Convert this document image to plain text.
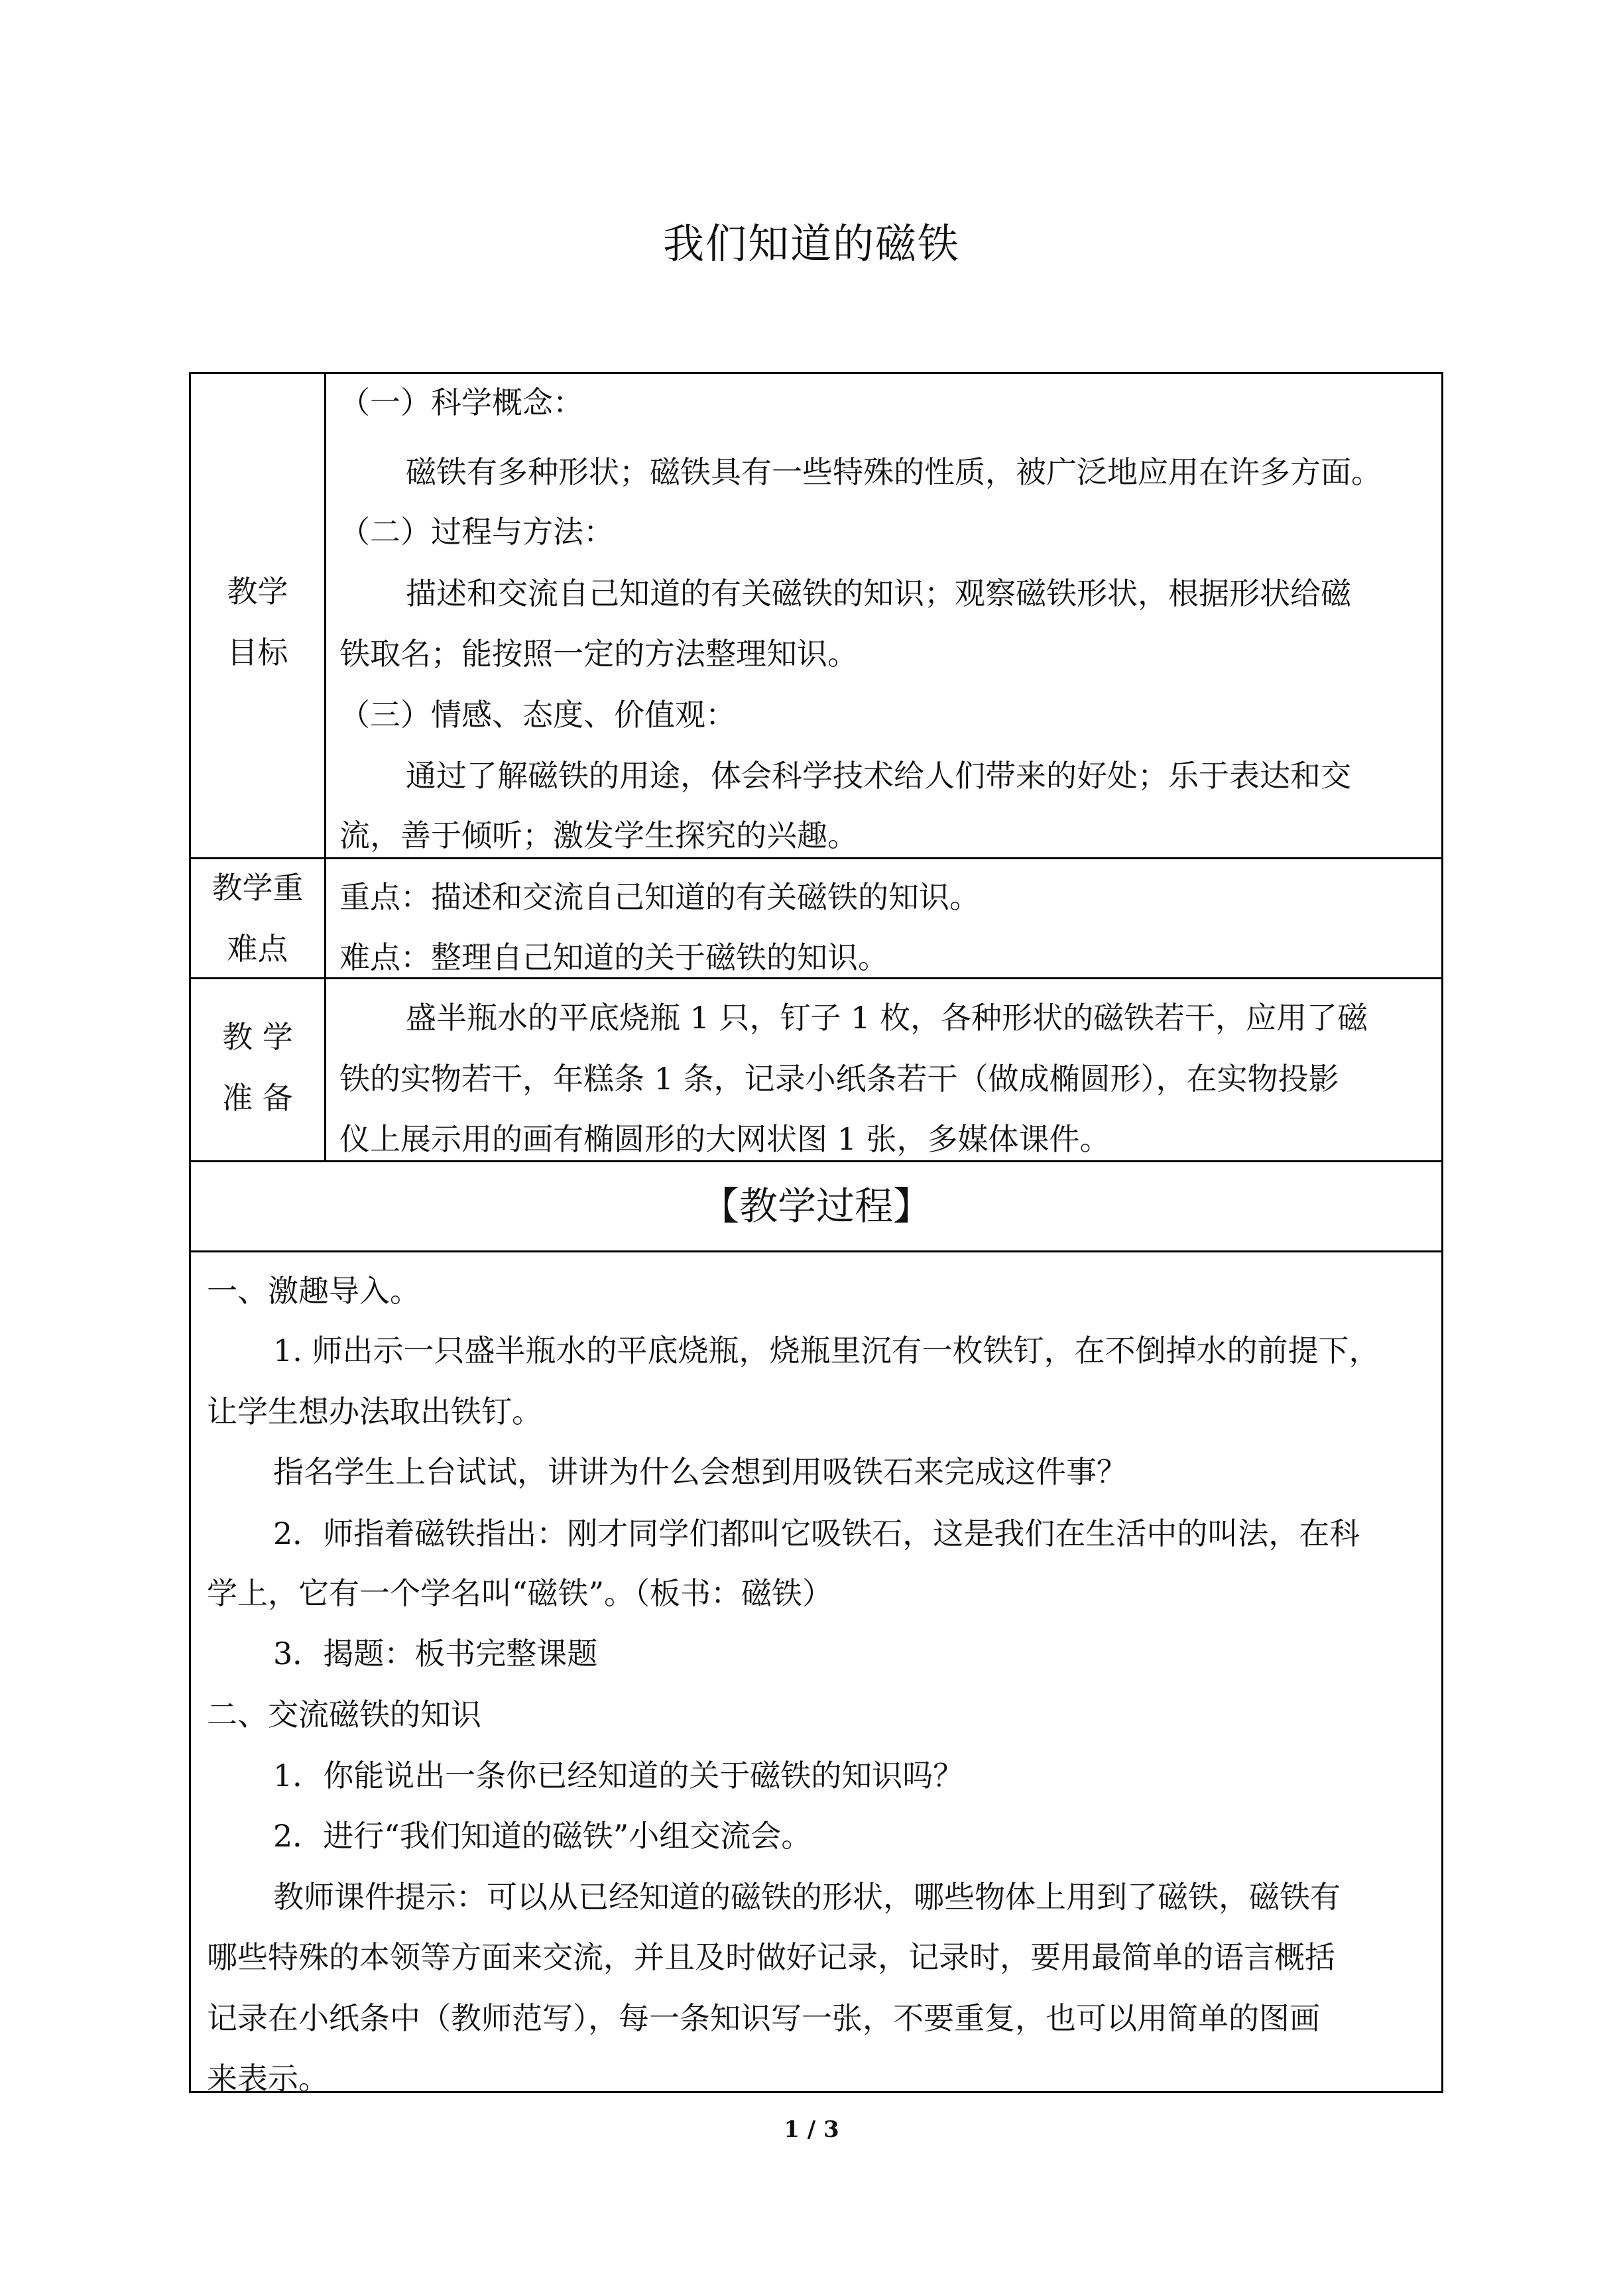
我们知道的磁铁
教学
目标
（一）科学概念：
磁铁有多种形状；磁铁具有一些特殊的性质，被广泛地应用在许多方面。
（二）过程与方法：
描述和交流自己知道的有关磁铁的知识；观察磁铁形状，根据形状给磁
铁取名；能按照一定的方法整理知识。
（三）情感、态度、价值观：
通过了解磁铁的用途，体会科学技术给人们带来的好处；乐于表达和交
流，善于倾听；激发学生探究的兴趣。
教学重
难点
重点：描述和交流自己知道的有关磁铁的知识。
难点：整理自己知道的关于磁铁的知识。
教 学
准 备
盛半瓶水的平底烧瓶 1 只，钉子 1 枚，各种形状的磁铁若干，应用了磁
铁的实物若干，年糕条 1 条，记录小纸条若干（做成椭圆形），在实物投影
仪上展示用的画有椭圆形的大网状图 1 张，多媒体课件。
【教学过程】
一、激趣导入。
1. 师出示一只盛半瓶水的平底烧瓶，烧瓶里沉有一枚铁钉，在不倒掉水的前提下，
让学生想办法取出铁钉。
指名学生上台试试，讲讲为什么会想到用吸铁石来完成这件事？
2．师指着磁铁指出：刚才同学们都叫它吸铁石，这是我们在生活中的叫法，在科
学上，它有一个学名叫“磁铁”。（板书：磁铁）
3．揭题：板书完整课题
二、交流磁铁的知识
1．你能说出一条你已经知道的关于磁铁的知识吗？
2．进行“我们知道的磁铁”小组交流会。
教师课件提示：可以从已经知道的磁铁的形状，哪些物体上用到了磁铁，磁铁有
哪些特殊的本领等方面来交流，并且及时做好记录，记录时，要用最简单的语言概括
记录在小纸条中（教师范写），每一条知识写一张，不要重复，也可以用简单的图画
来表示。
1 / 3
